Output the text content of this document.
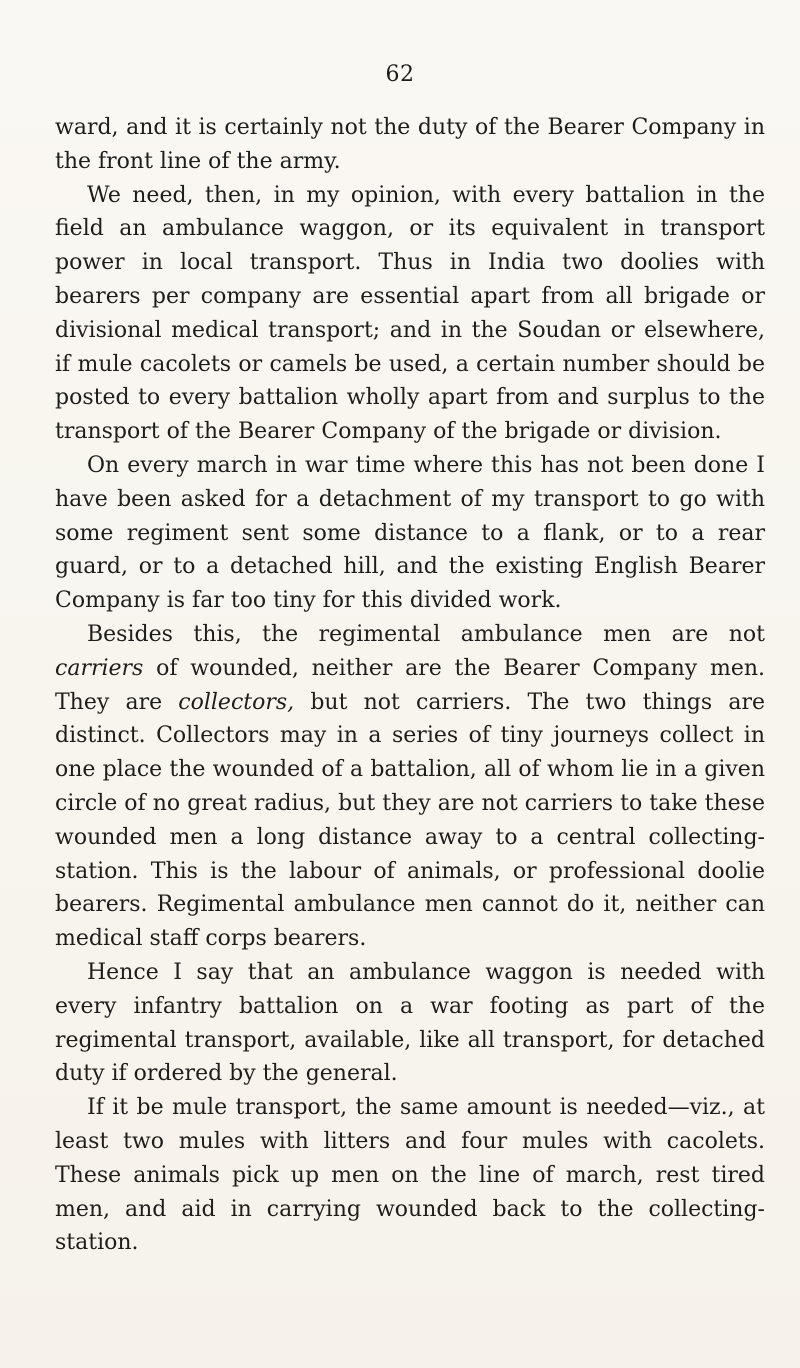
62

ward, and it is certainly not the duty of the Bearer Company in the front line of the army.

We need, then, in my opinion, with every battalion in the field an ambulance waggon, or its equivalent in transport power in local transport. Thus in India two doolies with bearers per company are essential apart from all brigade or divisional medical transport; and in the Soudan or elsewhere, if mule cacolets or camels be used, a certain number should be posted to every battalion wholly apart from and surplus to the transport of the Bearer Company of the brigade or division.

On every march in war time where this has not been done I have been asked for a detachment of my transport to go with some regiment sent some distance to a flank, or to a rear guard, or to a detached hill, and the existing English Bearer Company is far too tiny for this divided work.

Besides this, the regimental ambulance men are not carriers of wounded, neither are the Bearer Company men. They are collectors, but not carriers. The two things are distinct. Collectors may in a series of tiny journeys collect in one place the wounded of a battalion, all of whom lie in a given circle of no great radius, but they are not carriers to take these wounded men a long distance away to a central collecting-station. This is the labour of animals, or professional doolie bearers. Regimental ambulance men cannot do it, neither can medical staff corps bearers.

Hence I say that an ambulance waggon is needed with every infantry battalion on a war footing as part of the regimental transport, available, like all transport, for detached duty if ordered by the general.

If it be mule transport, the same amount is needed—viz., at least two mules with litters and four mules with cacolets. These animals pick up men on the line of march, rest tired men, and aid in carrying wounded back to the collecting-station.
